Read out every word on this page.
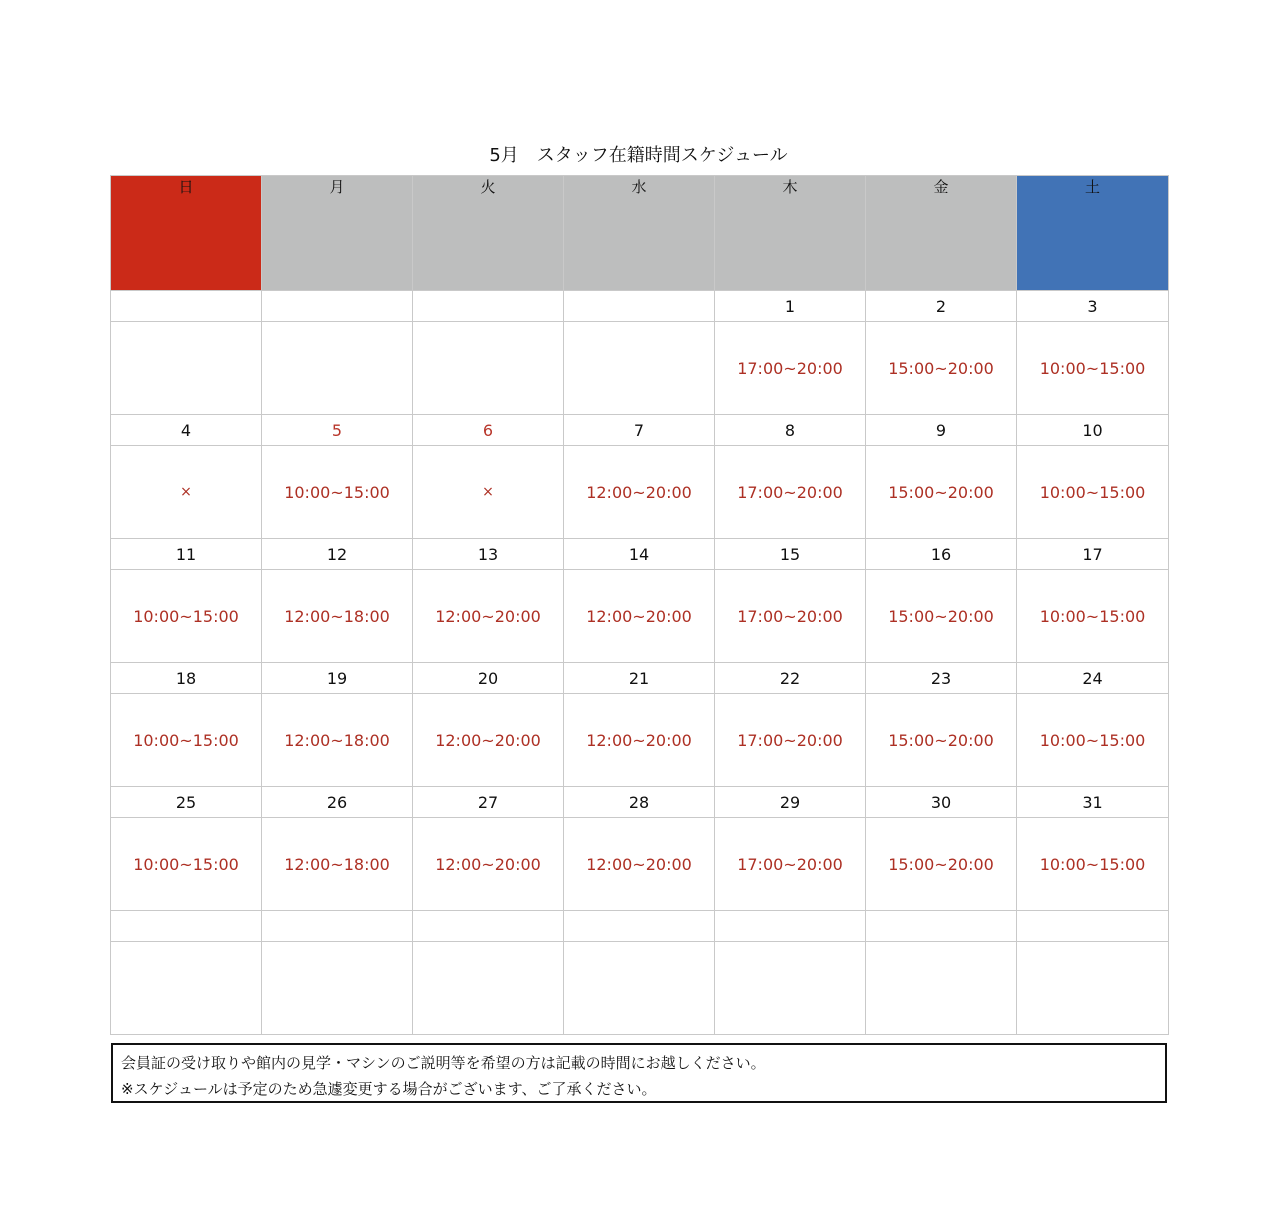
5月　スタッフ在籍時間スケジュール
日	月	火	水	木	金	土
				1	2	3
				17:00~20:00	15:00~20:00	10:00~15:00
4	5	6	7	8	9	10
×	10:00~15:00	×	12:00~20:00	17:00~20:00	15:00~20:00	10:00~15:00
11	12	13	14	15	16	17
10:00~15:00	12:00~18:00	12:00~20:00	12:00~20:00	17:00~20:00	15:00~20:00	10:00~15:00
18	19	20	21	22	23	24
10:00~15:00	12:00~18:00	12:00~20:00	12:00~20:00	17:00~20:00	15:00~20:00	10:00~15:00
25	26	27	28	29	30	31
10:00~15:00	12:00~18:00	12:00~20:00	12:00~20:00	17:00~20:00	15:00~20:00	10:00~15:00

会員証の受け取りや館内の見学・マシンのご説明等を希望の方は記載の時間にお越しください。
※スケジュールは予定のため急遽変更する場合がございます、ご了承ください。
